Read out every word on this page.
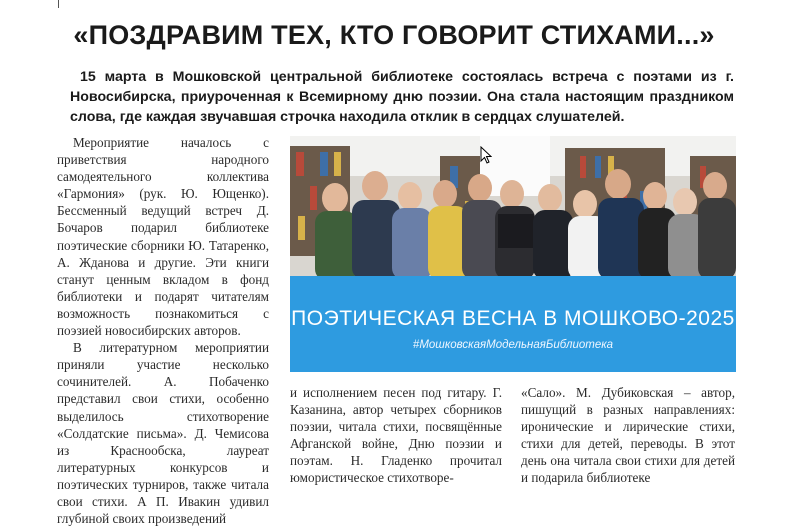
«ПОЗДРАВИМ ТЕХ, КТО ГОВОРИТ СТИХАМИ...»

15 марта в Мошковской центральной библиотеке состоялась встреча с поэтами из г. Новосибирска, приуроченная к Всемирному дню поэзии. Она стала настоящим праздником слова, где каждая звучавшая строчка находила отклик в сердцах слушателей.

Мероприятие началось с приветствия народного самодеятельного коллектива «Гармония» (рук. Ю. Ющенко). Бессменный ведущий встреч Д. Бочаров подарил библиотеке поэтические сборники Ю. Татаренко, А. Жданова и другие. Эти книги станут ценным вкладом в фонд библиотеки и подарят читателям возможность познакомиться с поэзией новосибирских авторов.

В литературном мероприятии приняли участие несколько сочинителей. А. Побаченко представил свои стихи, особенно выделилось стихотворение «Солдатские письма». Д. Чемисова из Краснообска, лауреат литературных конкурсов и поэтических турниров, также читала свои стихи. А П. Ивакин удивил глубиной своих произведений

ПОЭТИЧЕСКАЯ ВЕСНА В МОШКОВО-2025
#МошковскаяМодельнаяБиблиотека

и исполнением песен под гитару. Г. Казанина, автор четырех сборников поэзии, читала стихи, посвящённые Афганской войне, Дню поэзии и поэтам. Н. Гладенко прочитал юмористическое стихотворе-

«Сало». М. Дубиковская – автор, пишущий в разных направлениях: иронические и лирические стихи, стихи для детей, переводы. В этот день она читала свои стихи для детей и подарила библиотеке
